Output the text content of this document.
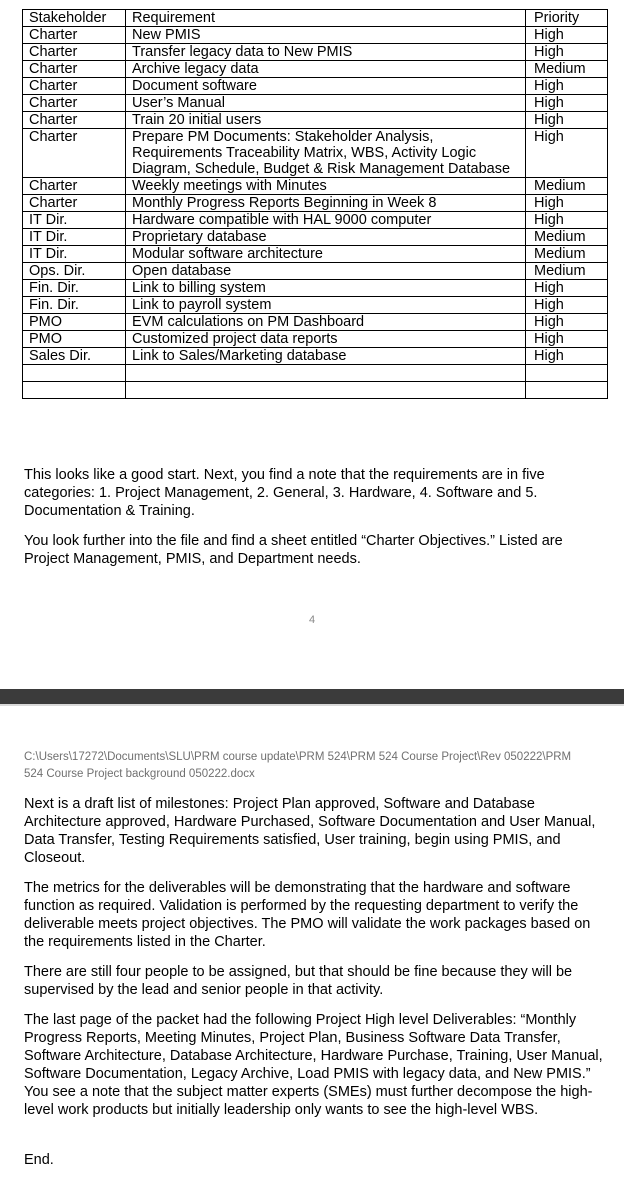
Stakeholder	Requirement	Priority
Charter	New PMIS	High
Charter	Transfer legacy data to New PMIS	High
Charter	Archive legacy data	Medium
Charter	Document software	High
Charter	User’s Manual	High
Charter	Train 20 initial users	High
Charter	Prepare PM Documents: Stakeholder Analysis, Requirements Traceability Matrix, WBS, Activity Logic Diagram, Schedule, Budget & Risk Management Database	High
Charter	Weekly meetings with Minutes	Medium
Charter	Monthly Progress Reports Beginning in Week 8	High
IT Dir.	Hardware compatible with HAL 9000 computer	High
IT Dir.	Proprietary database	Medium
IT Dir.	Modular software architecture	Medium
Ops. Dir.	Open database	Medium
Fin. Dir.	Link to billing system	High
Fin. Dir.	Link to payroll system	High
PMO	EVM calculations on PM Dashboard	High
PMO	Customized project data reports	High
Sales Dir.	Link to Sales/Marketing database	High

This looks like a good start. Next, you find a note that the requirements are in five categories: 1. Project Management, 2. General, 3. Hardware, 4. Software and 5. Documentation & Training.

You look further into the file and find a sheet entitled “Charter Objectives.” Listed are Project Management, PMIS, and Department needs.

4
C:\Users\17272\Documents\SLU\PRM course update\PRM 524\PRM 524 Course Project\Rev 050222\PRM 524 Course Project background 050222.docx

Next is a draft list of milestones: Project Plan approved, Software and Database Architecture approved, Hardware Purchased, Software Documentation and User Manual, Data Transfer, Testing Requirements satisfied, User training, begin using PMIS, and Closeout.

The metrics for the deliverables will be demonstrating that the hardware and software function as required. Validation is performed by the requesting department to verify the deliverable meets project objectives. The PMO will validate the work packages based on the requirements listed in the Charter.

There are still four people to be assigned, but that should be fine because they will be supervised by the lead and senior people in that activity.

The last page of the packet had the following Project High level Deliverables: “Monthly Progress Reports, Meeting Minutes, Project Plan, Business Software Data Transfer, Software Architecture, Database Architecture, Hardware Purchase, Training, User Manual, Software Documentation, Legacy Archive, Load PMIS with legacy data, and New PMIS.” You see a note that the subject matter experts (SMEs) must further decompose the high-level work products but initially leadership only wants to see the high-level WBS.

End.
